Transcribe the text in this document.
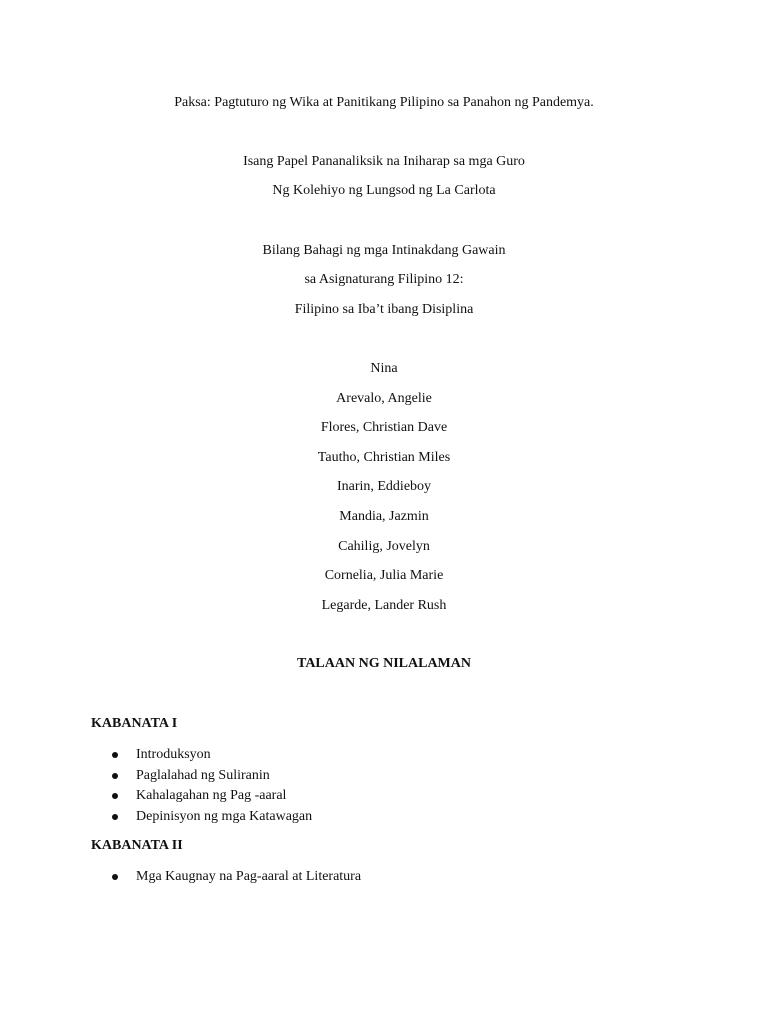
Paksa: Pagtuturo ng Wika at Panitikang Pilipino sa Panahon ng Pandemya.
Isang Papel Pananaliksik na Iniharap sa mga Guro
Ng Kolehiyo ng Lungsod ng La Carlota
Bilang Bahagi ng mga Intinakdang Gawain
sa Asignaturang Filipino 12:
Filipino sa Iba’t ibang Disiplina
Nina
Arevalo, Angelie
Flores, Christian Dave
Tautho, Christian Miles
Inarin, Eddieboy
Mandia, Jazmin
Cahilig, Jovelyn
Cornelia, Julia Marie
Legarde, Lander Rush
TALAAN NG NILALAMAN
KABANATA I
Introduksyon
Paglalahad ng Suliranin
Kahalagahan ng Pag -aaral
Depinisyon ng mga Katawagan
KABANATA II
Mga Kaugnay na Pag-aaral at Literatura
